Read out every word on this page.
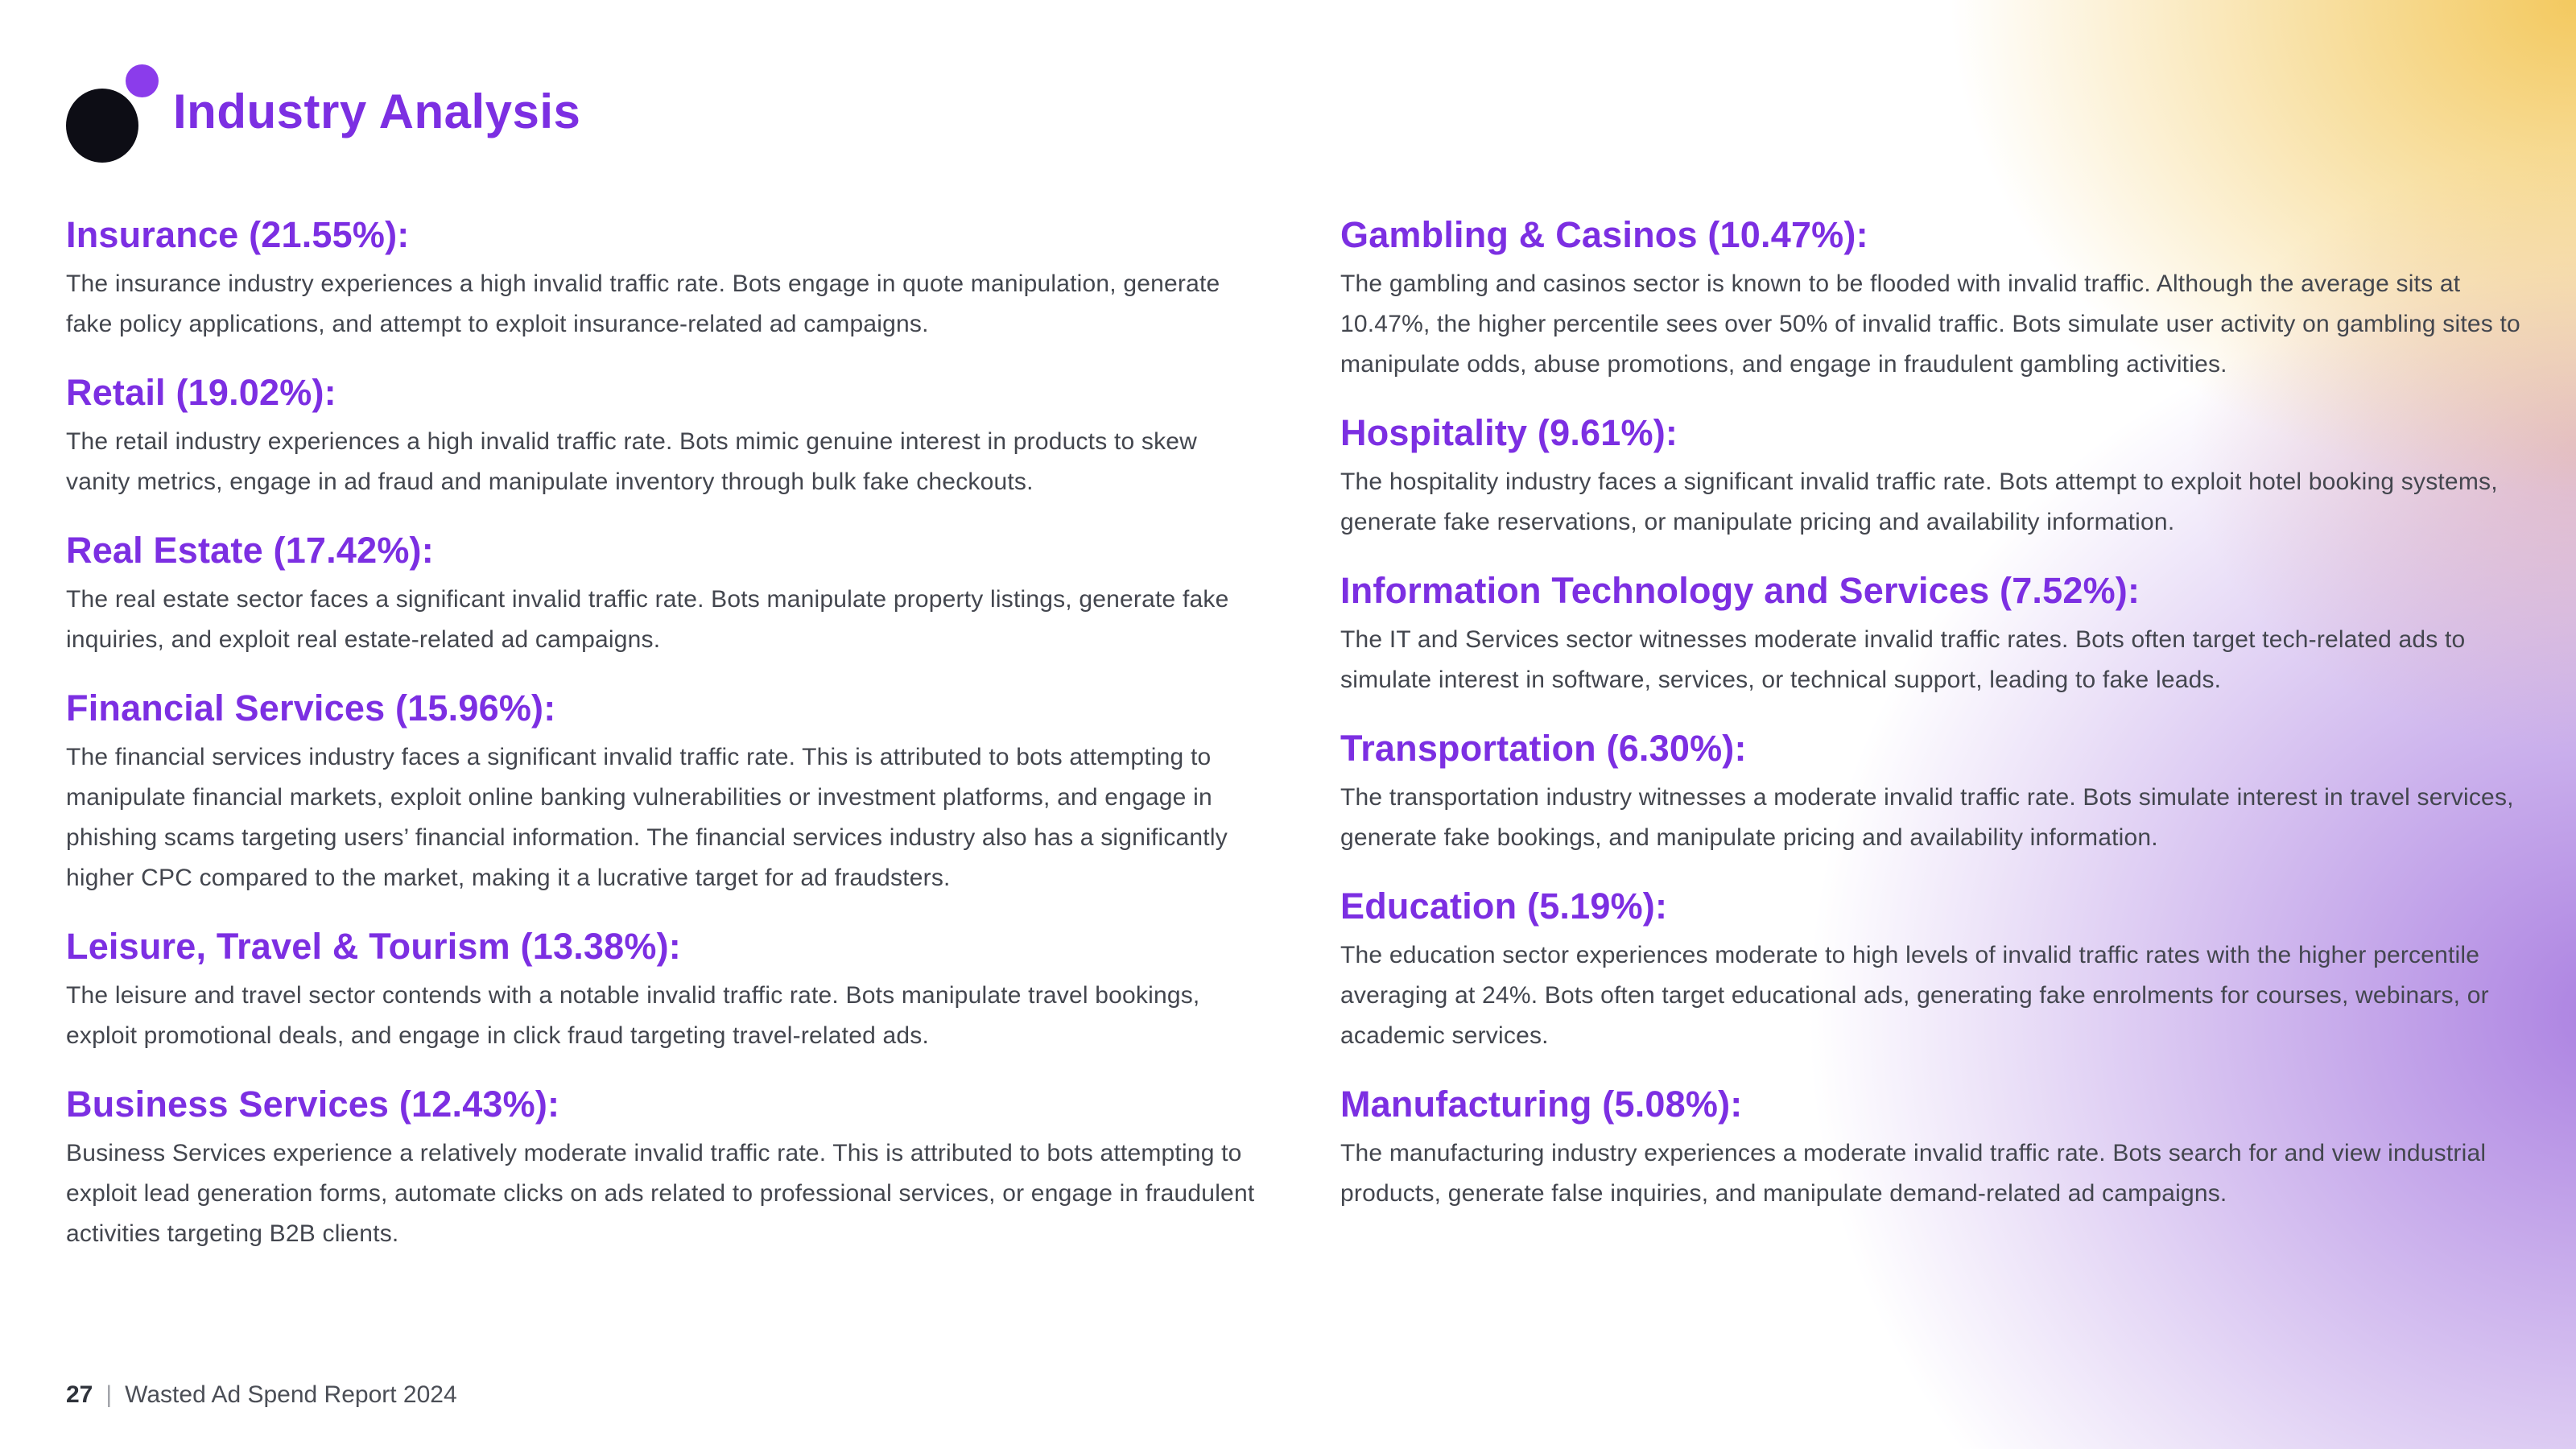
Industry Analysis
Insurance (21.55%):

The insurance industry experiences a high invalid traffic rate. Bots engage in quote manipulation, generate fake policy applications, and attempt to exploit insurance-related ad campaigns.

Retail (19.02%):

The retail industry experiences a high invalid traffic rate. Bots mimic genuine interest in products to skew vanity metrics, engage in ad fraud and manipulate inventory through bulk fake checkouts.

Real Estate (17.42%):

The real estate sector faces a significant invalid traffic rate. Bots manipulate property listings, generate fake inquiries, and exploit real estate-related ad campaigns.

Financial Services (15.96%):

The financial services industry faces a significant invalid traffic rate. This is attributed to bots attempting to manipulate financial markets, exploit online banking vulnerabilities or investment platforms, and engage in phishing scams targeting users’ financial information. The financial services industry also has a significantly higher CPC compared to the market, making it a lucrative target for ad fraudsters.

Leisure, Travel & Tourism (13.38%):

The leisure and travel sector contends with a notable invalid traffic rate. Bots manipulate travel bookings, exploit promotional deals, and engage in click fraud targeting travel-related ads.

Business Services (12.43%):

Business Services experience a relatively moderate invalid traffic rate. This is attributed to bots attempting to exploit lead generation forms, automate clicks on ads related to professional services, or engage in fraudulent activities targeting B2B clients.

Gambling & Casinos (10.47%):

The gambling and casinos sector is known to be flooded with invalid traffic. Although the average sits at 10.47%, the higher percentile sees over 50% of invalid traffic. Bots simulate user activity on gambling sites to manipulate odds, abuse promotions, and engage in fraudulent gambling activities.

Hospitality (9.61%):

The hospitality industry faces a significant invalid traffic rate. Bots attempt to exploit hotel booking systems, generate fake reservations, or manipulate pricing and availability information.

Information Technology and Services (7.52%):

The IT and Services sector witnesses moderate invalid traffic rates. Bots often target tech-related ads to simulate interest in software, services, or technical support, leading to fake leads.

Transportation (6.30%):

The transportation industry witnesses a moderate invalid traffic rate. Bots simulate interest in travel services, generate fake bookings, and manipulate pricing and availability information.

Education (5.19%):

The education sector experiences moderate to high levels of invalid traffic rates with the higher percentile averaging at 24%. Bots often target educational ads, generating fake enrolments for courses, webinars, or academic services.

Manufacturing (5.08%):

The manufacturing industry experiences a moderate invalid traffic rate. Bots search for and view industrial products, generate false inquiries, and manipulate demand-related ad campaigns.

27 | Wasted Ad Spend Report 2024
